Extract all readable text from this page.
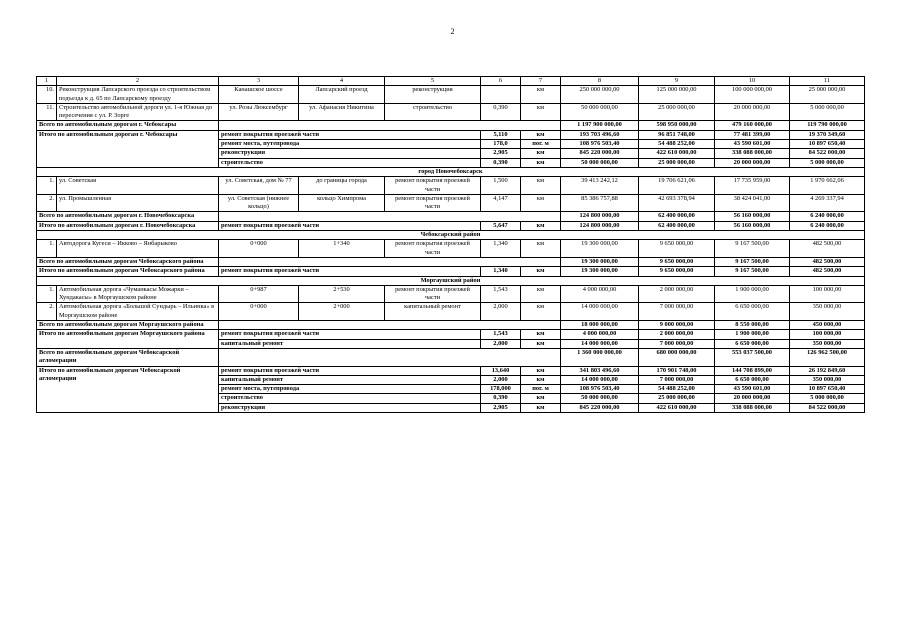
2
1	2	3	4	5	6	7	8	9	10	11
10.	Реконструкция Лапсарского проезда со строительством подъезда к д. 65 по Лапсарскому проезду	Канашское шоссе	Лапсарский проезд	реконструкция		км	250 000 000,00	125 000 000,00	100 000 000,00	25 000 000,00
11.	Строительство автомобильной дороги ул. 1-я Южная до пересечения с ул. Р. Зорге	ул. Розы Люксембург	ул. Афанасия Никитина	строительство	0,390	км	50 000 000,00	25 000 000,00	20 000 000,00	5 000 000,00
Всего по автомобильным дорогам г. Чебоксары							1 197 900 000,00	598 950 000,00	479 160 000,00	119 790 000,00
Итого по автомобильным дорогам г. Чебоксары		ремонт покрытия проезжей части			5,110	км	193 703 496,60	96 851 748,00	77 481 399,00	19 370 349,60
		ремонт моста, путепровода			178,0	пог. м	108 976 503,40	54 488 252,00	43 590 601,00	10 897 650,40
		реконструкция			2,905	км	845 220 000,00	422 610 000,00	338 088 000,00	84 522 000,00
		строительство			0,390	км	50 000 000,00	25 000 000,00	20 000 000,00	5 000 000,00
город Новочебоксарск										
1.	ул. Советская	ул. Советская, дом № 77	до границы города	ремонт покрытия проезжей части	1,500	км	39 413 242,12	19 706 621,06	17 735 959,00	1 970 662,06
2.	ул. Промышленная	ул. Советская (нижнее кольцо)	кольцо Химпрома	ремонт покрытия проезжей части	4,147	км	85 386 757,88	42 693 378,94	38 424 041,00	4 269 337,94
Всего по автомобильным дорогам г. Новочебоксарска							124 800 000,00	62 400 000,00	56 160 000,00	6 240 000,00
Итого по автомобильным дорогам г. Новочебоксарска		ремонт покрытия проезжей части			5,647	км	124 800 000,00	62 400 000,00	56 160 000,00	6 240 000,00
Чебоксарский район										
1.	Автодорога Кугеси – Икково – Янбарыково	0+000	1+340	ремонт покрытия проезжей части	1,340	км	19 300 000,00	9 650 000,00	9 167 500,00	482 500,00
Всего по автомобильным дорогам Чебоксарского района							19 300 000,00	9 650 000,00	9 167 500,00	482 500,00
Итого по автомобильным дорогам Чебоксарского района		ремонт покрытия проезжей части			1,340	км	19 300 000,00	9 650 000,00	9 167 500,00	482 500,00
Моргаушский район										
1.	Автомобильная дорога «Чуманкасы Можарки – Хундакасы» в Моргаушском районе	0+987	2+530	ремонт покрытия проезжей части	1,543	км	4 000 000,00	2 000 000,00	1 900 000,00	100 000,00
2.	Автомобильная дорога «Большой Сундырь – Ильинка» в Моргаушском районе	0+000	2+000	капитальный ремонт	2,000	км	14 000 000,00	7 000 000,00	6 650 000,00	350 000,00
Всего по автомобильным дорогам Моргаушского района							18 000 000,00	9 000 000,00	8 550 000,00	450 000,00
Итого по автомобильным дорогам Моргаушского района		ремонт покрытия проезжей части			1,543	км	4 000 000,00	2 000 000,00	1 900 000,00	100 000,00
		капитальный ремонт			2,000	км	14 000 000,00	7 000 000,00	6 650 000,00	350 000,00
Всего по автомобильным дорогам Чебоксарской агломерации							1 360 000 000,00	680 000 000,00	553 037 500,00	126 962 500,00
Итого по автомобильным дорогам Чебоксарской агломерации		ремонт покрытия проезжей части			13,640	км	341 803 496,60	170 901 748,00	144 708 899,00	26 192 849,60
		капитальный ремонт			2,000	км	14 000 000,00	7 000 000,00	6 650 000,00	350 000,00
		ремонт моста, путепровода			178,000	пог. м	108 976 503,40	54 488 252,00	43 590 601,00	10 897 650,40
		строительство			0,390	км	50 000 000,00	25 000 000,00	20 000 000,00	5 000 000,00
		реконструкция			2,905	км	845 220 000,00	422 610 000,00	338 088 000,00	84 522 000,00
